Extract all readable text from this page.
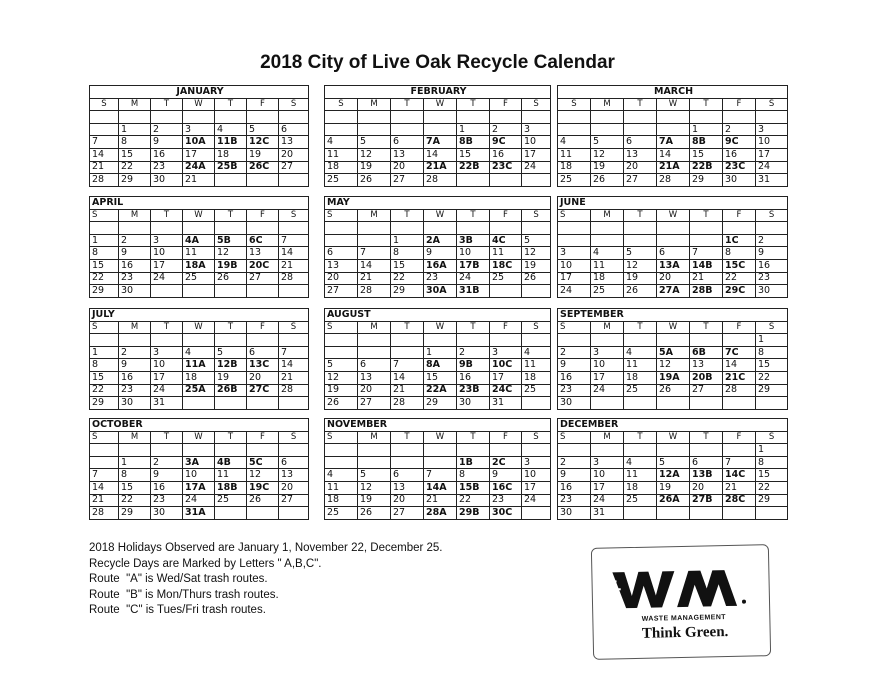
2018 City of Live Oak Recycle Calendar
JANUARY						
S	M	T	W	T	F	S

	1	2	3	4	5	6
7	8	9	10A	11B	12C	13
14	15	16	17	18	19	20
21	22	23	24A	25B	26C	27
28	29	30	21			
FEBRUARY						
S	M	T	W	T	F	S

				1	2	3
4	5	6	7A	8B	9C	10
11	12	13	14	15	16	17
18	19	20	21A	22B	23C	24
25	26	27	28			
MARCH						
S	M	T	W	T	F	S

				1	2	3
4	5	6	7A	8B	9C	10
11	12	13	14	15	16	17
18	19	20	21A	22B	23C	24
25	26	27	28	29	30	31
APRIL						
S	M	T	W	T	F	S

1	2	3	4A	5B	6C	7
8	9	10	11	12	13	14
15	16	17	18A	19B	20C	21
22	23	24	25	26	27	28
29	30					
MAY						
S	M	T	W	T	F	S

		1	2A	3B	4C	5
6	7	8	9	10	11	12
13	14	15	16A	17B	18C	19
20	21	22	23	24	25	26
27	28	29	30A	31B		
JUNE						
S	M	T	W	T	F	S

					1C	2
3	4	5	6	7	8	9
10	11	12	13A	14B	15C	16
17	18	19	20	21	22	23
24	25	26	27A	28B	29C	30
JULY						
S	M	T	W	T	F	S

1	2	3	4	5	6	7
8	9	10	11A	12B	13C	14
15	16	17	18	19	20	21
22	23	24	25A	26B	27C	28
29	30	31				
AUGUST						
S	M	T	W	T	F	S

			1	2	3	4
5	6	7	8A	9B	10C	11
12	13	14	15	16	17	18
19	20	21	22A	23B	24C	25
26	27	28	29	30	31	
SEPTEMBER						
S	M	T	W	T	F	S
						1
2	3	4	5A	6B	7C	8
9	10	11	12	13	14	15
16	17	18	19A	20B	21C	22
23	24	25	26	27	28	29
30						
OCTOBER						
S	M	T	W	T	F	S

	1	2	3A	4B	5C	6
7	8	9	10	11	12	13
14	15	16	17A	18B	19C	20
21	22	23	24	25	26	27
28	29	30	31A			
NOVEMBER						
S	M	T	W	T	F	S

				1B	2C	3
4	5	6	7	8	9	10
11	12	13	14A	15B	16C	17
18	19	20	21	22	23	24
25	26	27	28A	29B	30C	
DECEMBER						
S	M	T	W	T	F	S
						1
2	3	4	5	6	7	8
9	10	11	12A	13B	14C	15
16	17	18	19	20	21	22
23	24	25	26A	27B	28C	29
30	31					
2018 Holidays Observed are January 1, November 22, December 25.
Recycle Days are Marked by Letters " A,B,C".
Route  "A" is Wed/Sat trash routes.
Route  "B" is Mon/Thurs trash routes.
Route  "C" is Tues/Fri trash routes.
WASTE MANAGEMENT
Think Green.
